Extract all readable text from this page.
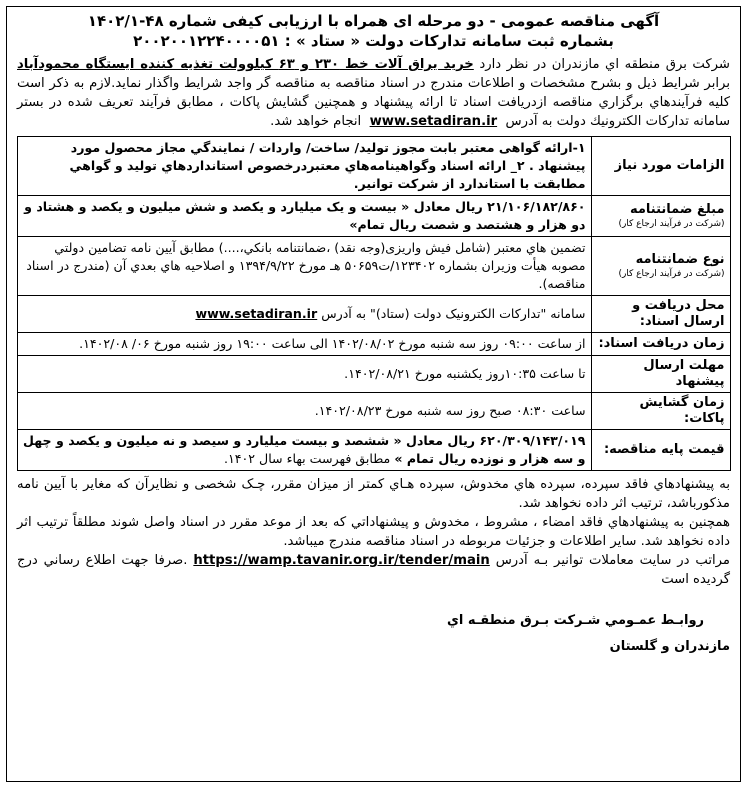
آگهی مناقصه عمومی - دو مرحله ای همراه با ارزیابی کیفی شماره ۴۸-۱۴۰۲/۱
بشماره ثبت سامانه تدارکات دولت « ستاد » : ۲۰۰۲۰۰۱۲۲۴۰۰۰۰۵۱
شرکت برق منطقه اي مازندران در نظر دارد خرید یراق آلات خط ۲۳۰ و ۶۳ کیلوولت تغذیه کننده ایستگاه محمودآباد برابر شرایط ذیل و بشرح مشخصات و اطلاعات مندرج در اسناد مناقصه به مناقصه گر واجد شرایط واگذار نماید.لازم به ذکر است کلیه فرآیندهاي برگزاري مناقصه ازدریافت اسناد تا ارائه پیشنهاد و همچنین گشایش پاکات ، مطابق فرآیند تعریف شده در بستر سامانه تدارکات الکترونیك دولت به آدرس  www.setadiran.ir  انجام خواهد شد.
الزامات مورد نیاز	۱-ارائه گواهی معتبر بابت مجوز تولید/ ساخت/ واردات / نمایندگي مجاز محصول مورد پیشنهاد . ۲_ ارائه اسناد وگواهینامه‌هاي معتبردرخصوص استانداردهاي تولید و گواهي مطابقت با استاندارد از شرکت توانیر.
مبلغ ضمانتنامه
(شرکت در فرآیند ارجاع کار)	۲۱/۱۰۶/۱۸۲/۸۶۰ ریال معادل « بیست و یک میلیارد و یکصد و شش میلیون و یکصد و هشتاد و دو هزار و هشتصد و شصت ریال تمام»
نوع ضمانتنامه
(شرکت در فرآیند ارجاع کار)	تضمین هاي معتبر (شامل فیش واریزی(وجه نقد) ،ضمانتنامه بانکي،....) مطابق آیین نامه تضامین دولتي مصوبه هیأت وزیران بشماره ۱۲۳۴۰۲/ت۵۰۶۵۹ هـ مورخ ۱۳۹۴/۹/۲۲ و اصلاحیه هاي بعدي آن (مندرج در اسناد مناقصه).
محل دریافت و ارسال اسناد:	سامانه "تدارکات الکترونیک دولت (ستاد)" به آدرس www.setadiran.ir
زمان دریافت اسناد:	از ساعت ۰۹:۰۰ روز سه شنبه مورخ ۱۴۰۲/۰۸/۰۲ الی ساعت ۱۹:۰۰ روز شنبه مورخ ۰۶/ ۱۴۰۲/۰۸.
مهلت ارسال پیشنهاد	تا ساعت ۱۰:۳۵روز یکشنبه مورخ ۱۴۰۲/۰۸/۲۱.
زمان گشایش پاکات:	ساعت ۰۸:۳۰ صبح روز سه شنبه مورخ ۱۴۰۲/۰۸/۲۳.
قیمت پایه مناقصه:	۶۲۰/۳۰۹/۱۴۳/۰۱۹ ریال معادل « ششصد و بیست میلیارد و سیصد و نه میلیون و یکصد و چهل و سه هزار و نوزده ریال تمام » مطابق فهرست بهاء سال ۱۴۰۲.
به پیشنهادهاي فاقد سپرده، سپرده هاي مخدوش، سپرده هـاي کمتر از میزان مقرر، چـک شخصی و نظایرآن که مغایر با آیین نامه مذکورباشد، ترتیب اثر داده نخواهد شد.
همچنین به پیشنهادهاي فاقد امضاء ، مشروط ، مخدوش و پیشنهاداتي که بعد از موعد مقرر در اسناد واصل شوند مطلقاً ترتیب اثر داده نخواهد شد. سایر اطلاعات و جزئیات مربوطه در اسناد مناقصه مندرج میباشد.
مراتب در سایت معاملات توانیر بـه آدرس https://wamp.tavanir.org.ir/tender/main .صرفا جهت اطلاع رساني درج گردیده است
روابـط عمـومي شـرکت بـرق منطقـه اي
مازندران و گلستان
